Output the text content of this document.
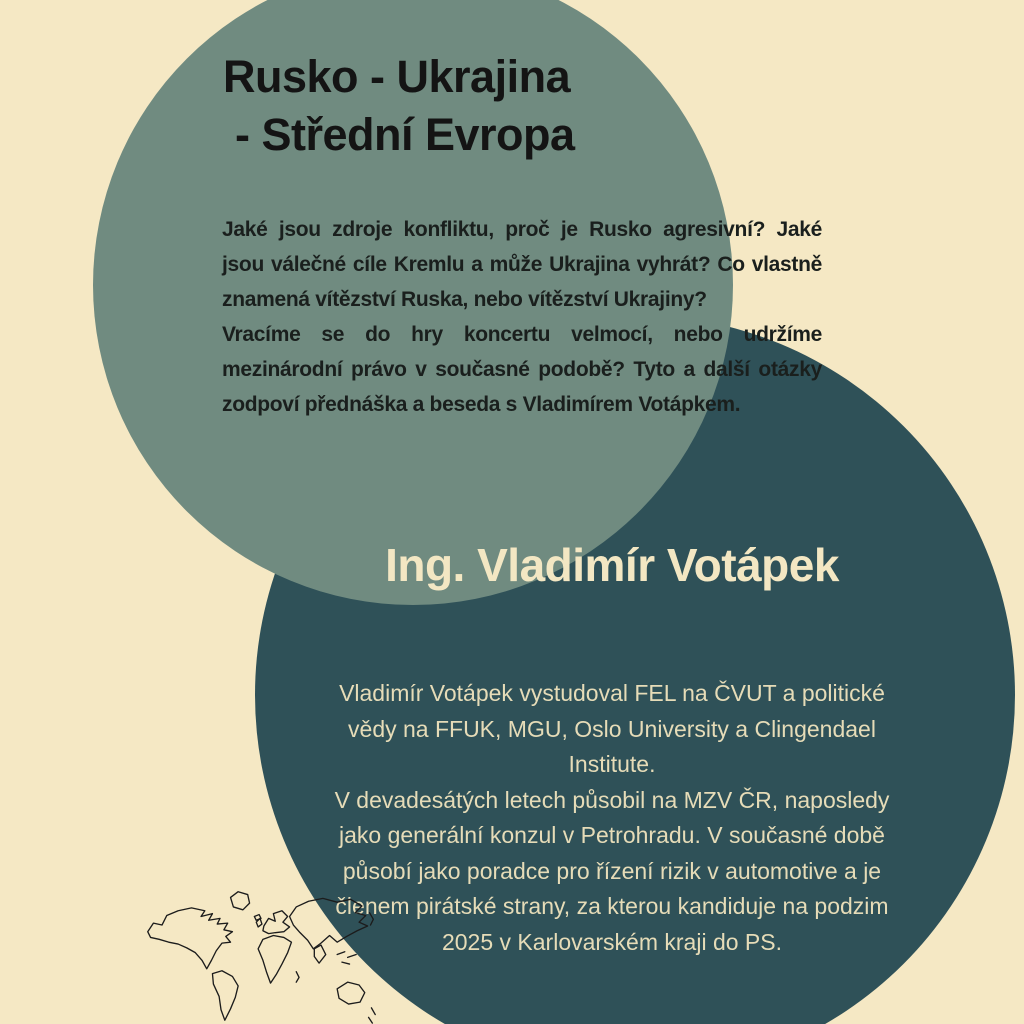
Rusko - Ukrajina
- Střední Evropa

Jaké jsou zdroje konfliktu, proč je Rusko agresivní? Jaké jsou válečné cíle Kremlu a může Ukrajina vyhrát? Co vlastně znamená vítězství Ruska, nebo vítězství Ukrajiny?

Vracíme se do hry koncertu velmocí, nebo udržíme mezinárodní právo v současné podobě? Tyto a další otázky zodpoví přednáška a beseda s Vladimírem Votápkem.

Ing. Vladimír Votápek

Vladimír Votápek vystudoval FEL na ČVUT a politické vědy na FFUK, MGU, Oslo University a Clingendael Institute.

V devadesátých letech působil na MZV ČR, naposledy jako generální konzul v Petrohradu. V současné době působí jako poradce pro řízení rizik v automotive a je členem pirátské strany, za kterou kandiduje na podzim 2025 v Karlovarském kraji do PS.
